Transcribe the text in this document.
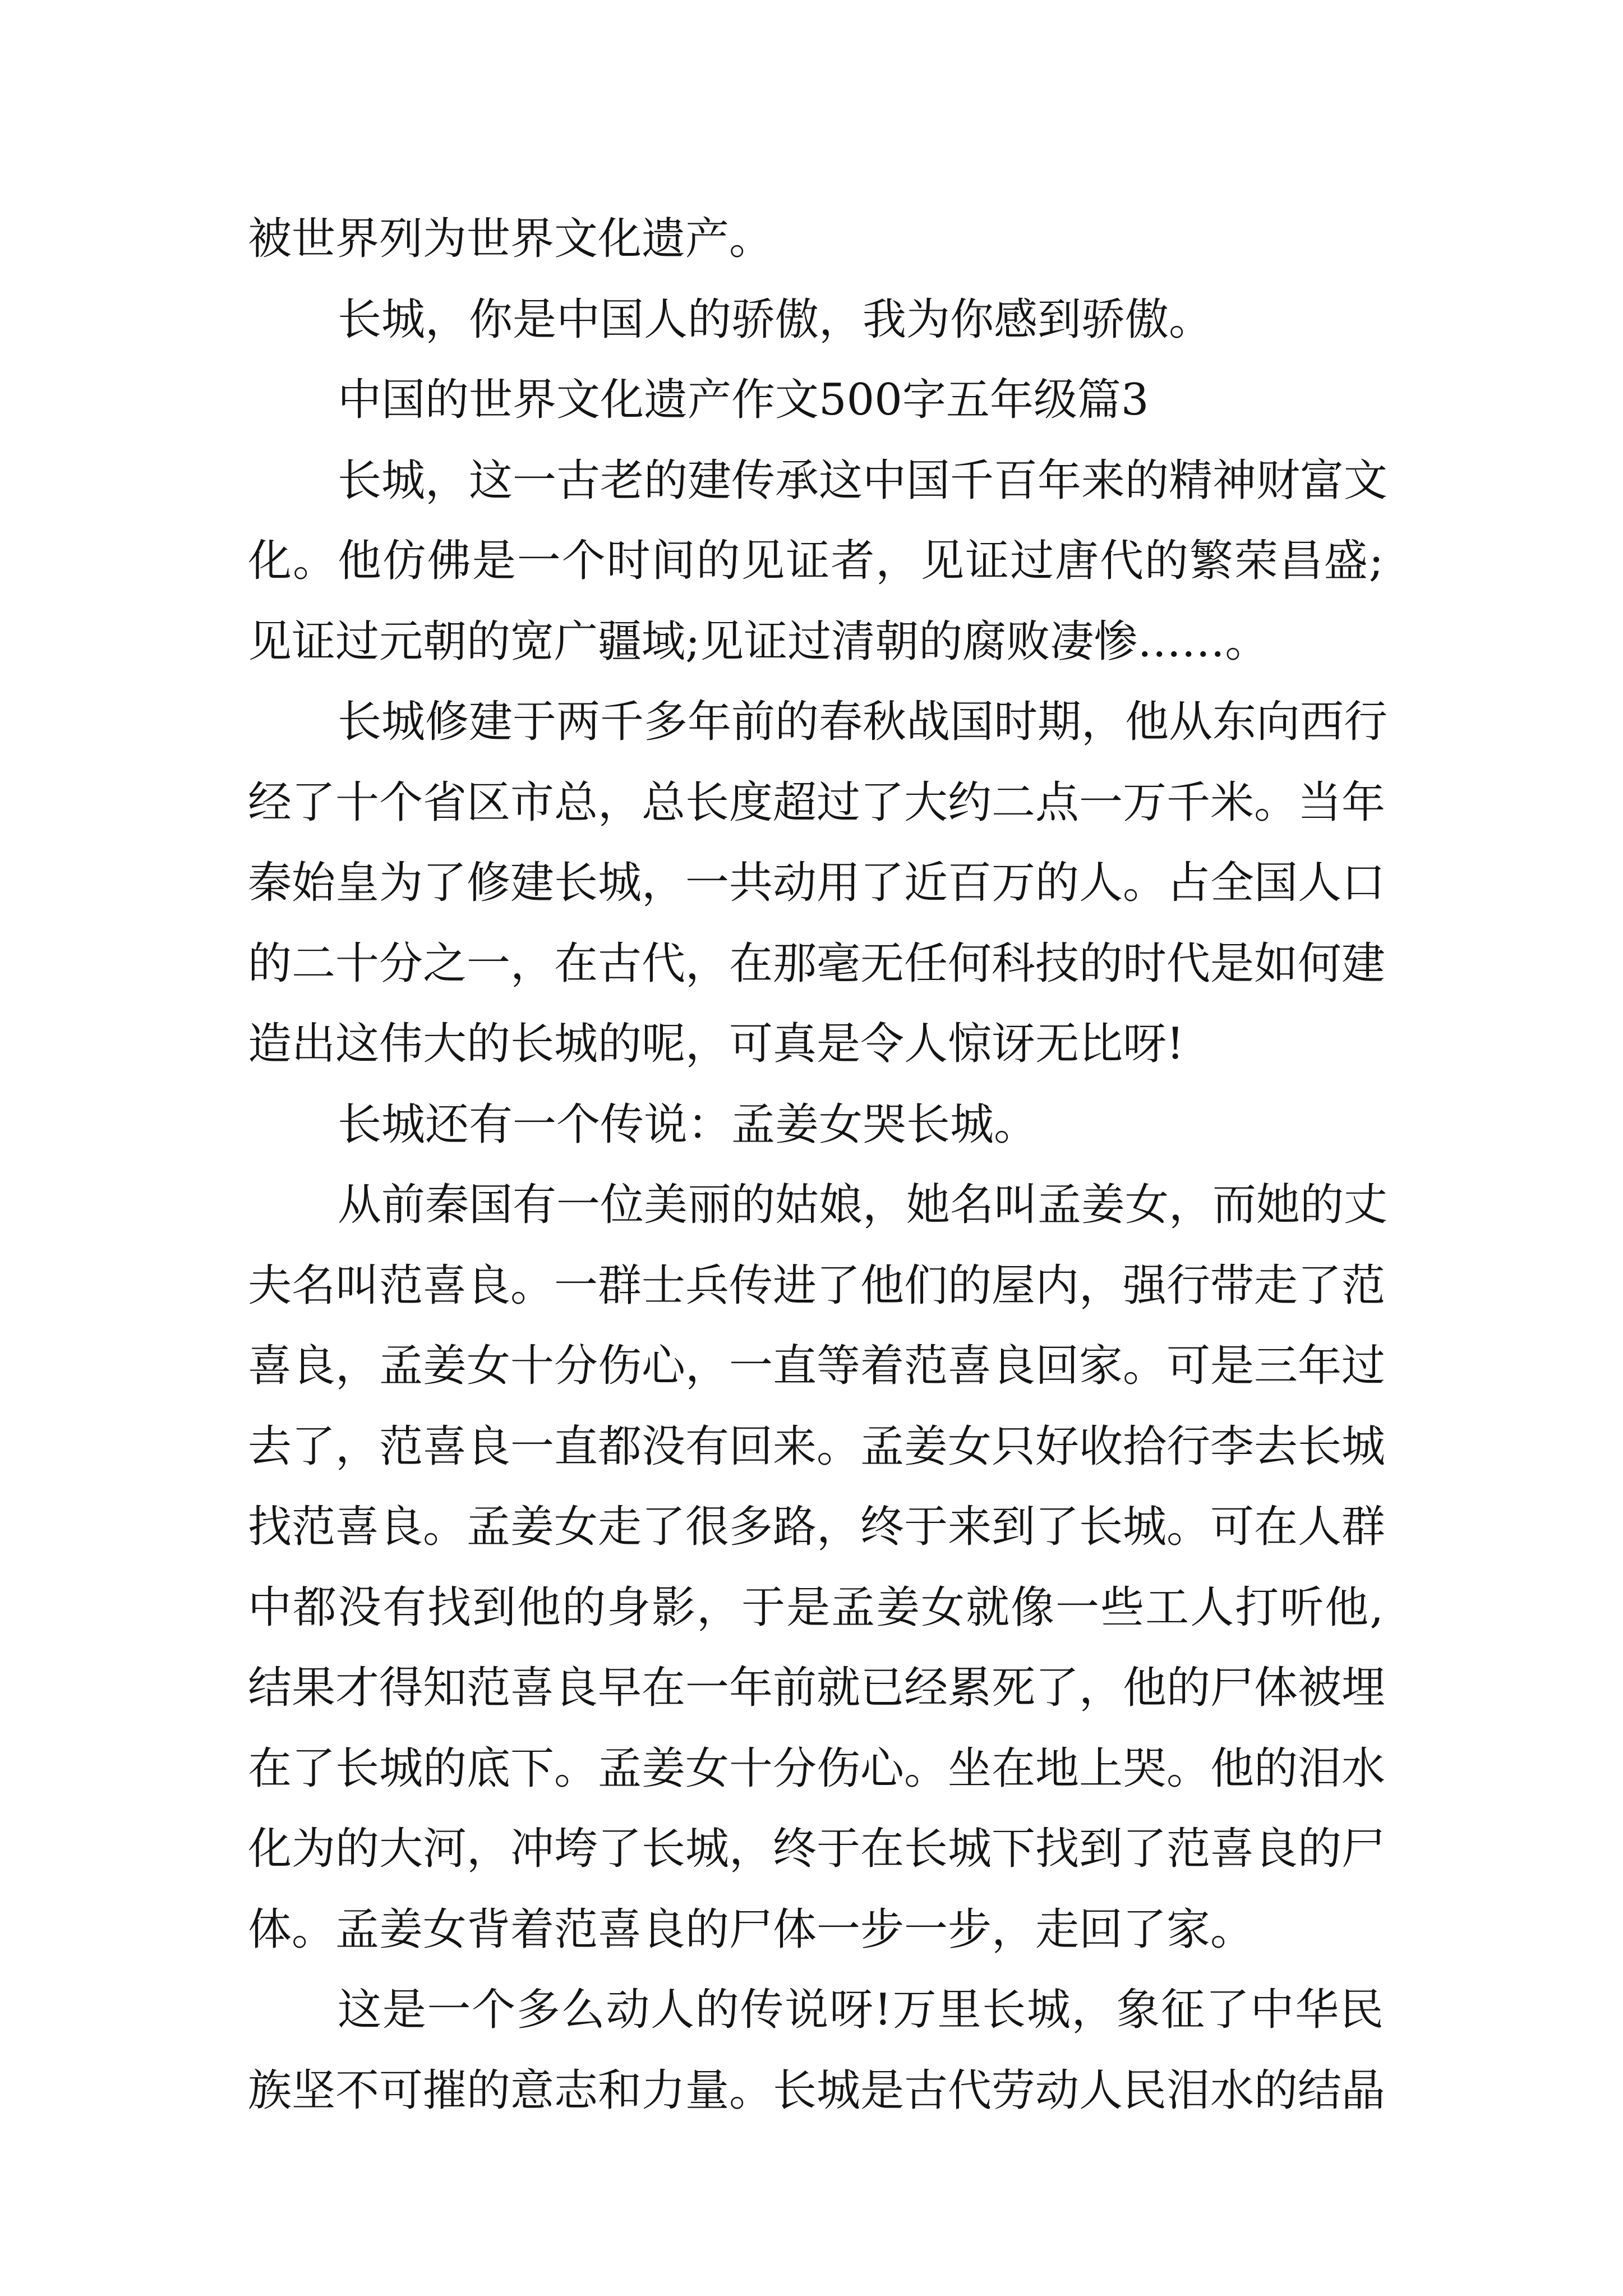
被世界列为世界文化遗产。
长城，你是中国人的骄傲，我为你感到骄傲。
中国的世界文化遗产作文500字五年级篇3
长城，这一古老的建传承这中国千百年来的精神财富文
化。他仿佛是一个时间的见证者，见证过唐代的繁荣昌盛;
见证过元朝的宽广疆域;见证过清朝的腐败凄惨……。
长城修建于两千多年前的春秋战国时期，他从东向西行
经了十个省区市总，总长度超过了大约二点一万千米。当年
秦始皇为了修建长城，一共动用了近百万的人。占全国人口
的二十分之一，在古代，在那毫无任何科技的时代是如何建
造出这伟大的长城的呢，可真是令人惊讶无比呀!
长城还有一个传说：孟姜女哭长城。
从前秦国有一位美丽的姑娘，她名叫孟姜女，而她的丈
夫名叫范喜良。一群士兵传进了他们的屋内，强行带走了范
喜良，孟姜女十分伤心，一直等着范喜良回家。可是三年过
去了，范喜良一直都没有回来。孟姜女只好收拾行李去长城
找范喜良。孟姜女走了很多路，终于来到了长城。可在人群
中都没有找到他的身影，于是孟姜女就像一些工人打听他,
结果才得知范喜良早在一年前就已经累死了，他的尸体被埋
在了长城的底下。孟姜女十分伤心。坐在地上哭。他的泪水
化为的大河，冲垮了长城，终于在长城下找到了范喜良的尸
体。孟姜女背着范喜良的尸体一步一步，走回了家。
这是一个多么动人的传说呀!万里长城，象征了中华民
族坚不可摧的意志和力量。长城是古代劳动人民泪水的结晶
